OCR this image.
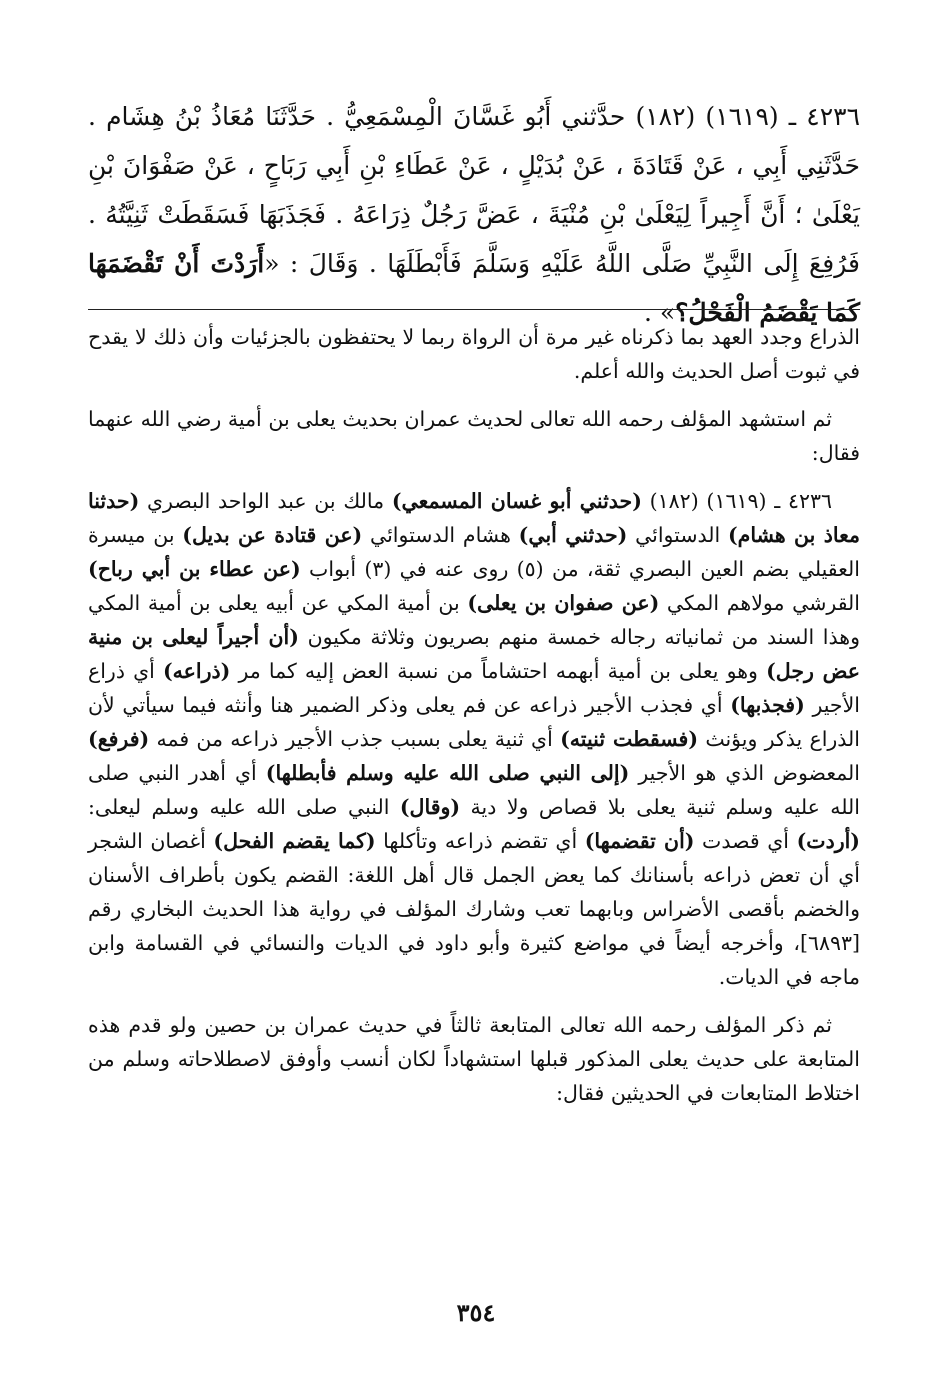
٤٢٣٦ ـ (١٦١٩) (١٨٢) حدَّثني أَبُو غَسَّانَ الْمِسْمَعِيُّ . حَدَّثَنَا مُعَاذُ بْنُ هِشَام . حَدَّثَنِي أَبِي ، عَنْ قَتَادَةَ ، عَنْ بُدَيْلٍ ، عَنْ عَطَاءِ بْنِ أَبِي رَبَاحٍ ، عَنْ صَفْوَانَ بْنِ يَعْلَىٰ ؛ أَنَّ أَجِيراً لِيَعْلَىٰ بْنِ مُنْيَةَ ، عَضَّ رَجُلٌ ذِرَاعَهُ . فَجَذَبَهَا فَسَقَطَتْ ثَنِيَّتُهُ . فَرُفِعَ إِلَى النَّبِيِّ صَلَّى اللَّهُ عَلَيْهِ وَسَلَّمَ فَأَبْطَلَهَا . وَقَالَ : «أَرَدْتَ أَنْ تَقْضَمَهَا كَمَا يَقْضَمُ الْفَحْلُ؟» .

الذراع وجدد العهد بما ذكرناه غير مرة أن الرواة ربما لا يحتفظون بالجزئيات وأن ذلك لا يقدح في ثبوت أصل الحديث والله أعلم.

ثم استشهد المؤلف رحمه الله تعالى لحديث عمران بحديث يعلى بن أمية رضي الله عنهما فقال:

٤٢٣٦ ـ (١٦١٩) (١٨٢) (حدثني أبو غسان المسمعي) مالك بن عبد الواحد البصري (حدثنا معاذ بن هشام) الدستوائي (حدثني أبي) هشام الدستوائي (عن قتادة عن بديل) بن ميسرة العقيلي بضم العين البصري ثقة، من (٥) روى عنه في (٣) أبواب (عن عطاء بن أبي رباح) القرشي مولاهم المكي (عن صفوان بن يعلى) بن أمية المكي عن أبيه يعلى بن أمية المكي وهذا السند من ثمانياته رجاله خمسة منهم بصريون وثلاثة مكيون (أن أجيراً ليعلى بن منية عض رجل) وهو يعلى بن أمية أبهمه احتشاماً من نسبة العض إليه كما مر (ذراعه) أي ذراع الأجير (فجذبها) أي فجذب الأجير ذراعه عن فم يعلى وذكر الضمير هنا وأنثه فيما سيأتي لأن الذراع يذكر ويؤنث (فسقطت ثنيته) أي ثنية يعلى بسبب جذب الأجير ذراعه من فمه (فرفع) المعضوض الذي هو الأجير (إلى النبي صلى الله عليه وسلم فأبطلها) أي أهدر النبي صلى الله عليه وسلم ثنية يعلى بلا قصاص ولا دية (وقال) النبي صلى الله عليه وسلم ليعلى: (أردت) أي قصدت (أن تقضمها) أي تقضم ذراعه وتأكلها (كما يقضم الفحل) أغصان الشجر أي أن تعض ذراعه بأسنانك كما يعض الجمل قال أهل اللغة: القضم يكون بأطراف الأسنان والخضم بأقصى الأضراس وبابهما تعب وشارك المؤلف في رواية هذا الحديث البخاري رقم [٦٨٩٣]، وأخرجه أيضاً في مواضع كثيرة وأبو داود في الديات والنسائي في القسامة وابن ماجه في الديات.

ثم ذكر المؤلف رحمه الله تعالى المتابعة ثالثاً في حديث عمران بن حصين ولو قدم هذه المتابعة على حديث يعلى المذكور قبلها استشهاداً لكان أنسب وأوفق لاصطلاحاته وسلم من اختلاط المتابعات في الحديثين فقال:

٣٥٤
